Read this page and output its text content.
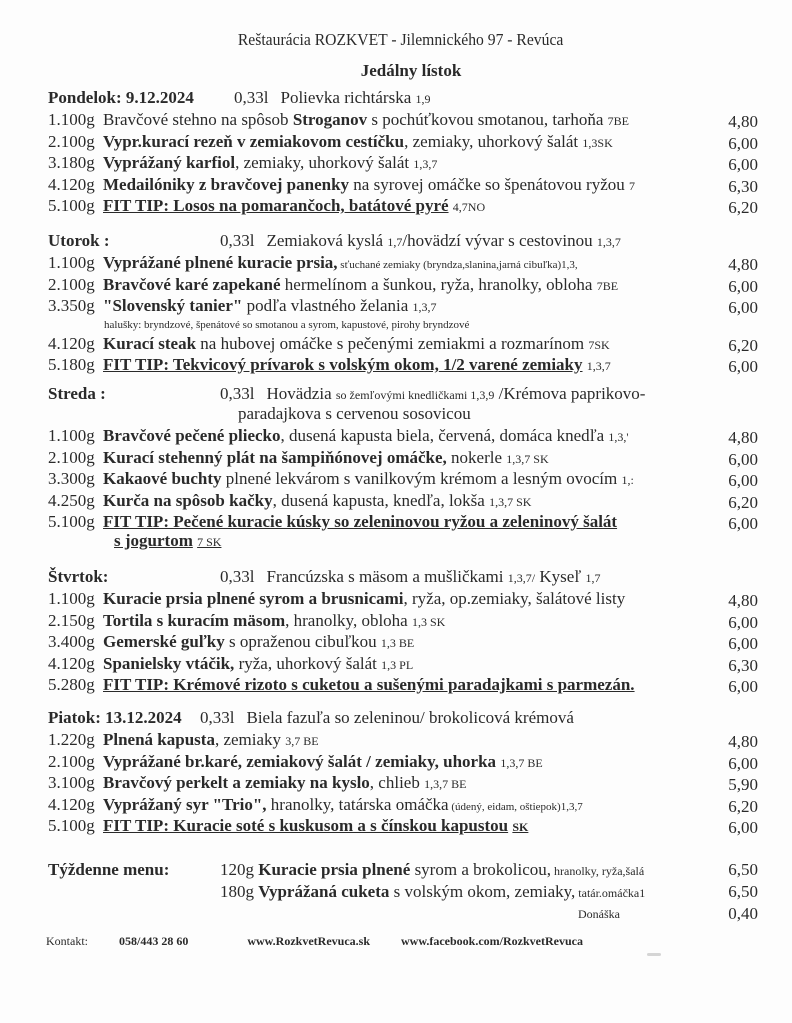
Reštaurácia ROZKVET - Jilemnického 97 - Revúca
Jedálny lístok
Pondelok: 9.12.2024 0,33l Polievka richtárska 1,9
1.100g Bravčové stehno na spôsob Stroganov s pochúťkovou smotanou, tarhoňa 7BE	4,80
2.100g Vypr.kurací rezeň v zemiakovom cestíčku, zemiaky, uhorkový šalát 1,3SK	6,00
3.180g Vyprážaný karfiol, zemiaky, uhorkový šalát 1,3,7	6,00
4.120g Medailóniky z bravčovej panenky na syrovej omáčke so špenátovou ryžou 7	6,30
5.100g FIT TIP: Losos na pomarančoch, batátové pyré 4,7NO	6,20
Utorok :	0,33l Zemiaková kyslá 1,7/hovädzí vývar s cestovinou 1,3,7
1.100g Vyprážané plnené kuracie prsia, sťuchané zemiaky (bryndza,slanina,jarná cibuľka)1,3,	4,80
2.100g Bravčové karé zapekané hermelínom a šunkou, ryža, hranolky, obloha 7BE	6,00
3.350g "Slovenský tanier" podľa vlastného želania 1,3,7	6,00
halušky: bryndzové, špenátové so smotanou a syrom, kapustové, pirohy bryndzové
4.120g Kurací steak na hubovej omáčke s pečenými zemiakmi a rozmarínom 7SK	6,20
5.180g FIT TIP: Tekvicový prívarok s volským okom, 1/2 varené zemiaky 1,3,7	6,00
Streda :	0,33l Hovädzia so žemľovými knedličkami 1,3,9 /Krémova paprikovo-
paradajkova s cervenou sosovicou
1.100g Bravčové pečené pliecko, dusená kapusta biela, červená, domáca knedľa 1,3,'	4,80
2.100g Kurací stehenný plát na šampiňónovej omáčke, nokerle 1,3,7 SK	6,00
3.300g Kakaové buchty plnené lekvárom s vanilkovým krémom a lesným ovocím 1,:	6,00
4.250g Kurča na spôsob kačky, dusená kapusta, knedľa, lokša 1,3,7 SK	6,20
5.100g FIT TIP: Pečené kuracie kúsky so zeleninovou ryžou a zeleninový šalát	6,00
s jogurtom 7 SK
Štvrtok:	0,33l Francúzska s mäsom a mušličkami 1,3,7/ Kyseľ 1,7
1.100g Kuracie prsia plnené syrom a brusnicami, ryža, op.zemiaky, šalátové listy	4,80
2.150g Tortila s kuracím mäsom, hranolky, obloha 1,3 SK	6,00
3.400g Gemerské guľky s opraženou cibuľkou 1,3 BE	6,00
4.120g Spanielsky vtáčik, ryža, uhorkový šalát 1,3 PL	6,30
5.280g FIT TIP: Krémové rizoto s cuketou a sušenými paradajkami s parmezán.	6,00
Piatok: 13.12.2024 0,33l Biela fazuľa so zeleninou/ brokolicová krémová
1.220g Plnená kapusta, zemiaky 3,7 BE	4,80
2.100g Vyprážané br.karé, zemiakový šalát / zemiaky, uhorka 1,3,7 BE	6,00
3.100g Bravčový perkelt a zemiaky na kyslo, chlieb 1,3,7 BE	5,90
4.120g Vyprážaný syr "Trio", hranolky, tatárska omáčka (údený, eidam, oštiepok)1,3,7	6,20
5.100g FIT TIP: Kuracie soté s kuskusom a s čínskou kapustou SK	6,00
Týždenne menu:	120g Kuracie prsia plnené syrom a brokolicou, hranolky, ryža,šalá	6,50
180g Vyprážaná cuketa s volským okom, zemiaky, tatár.omáčka1	6,50
Donáška	0,40
Kontakt:	058/443 28 60	www.RozkvetRevuca.sk	www.facebook.com/RozkvetRevuca
